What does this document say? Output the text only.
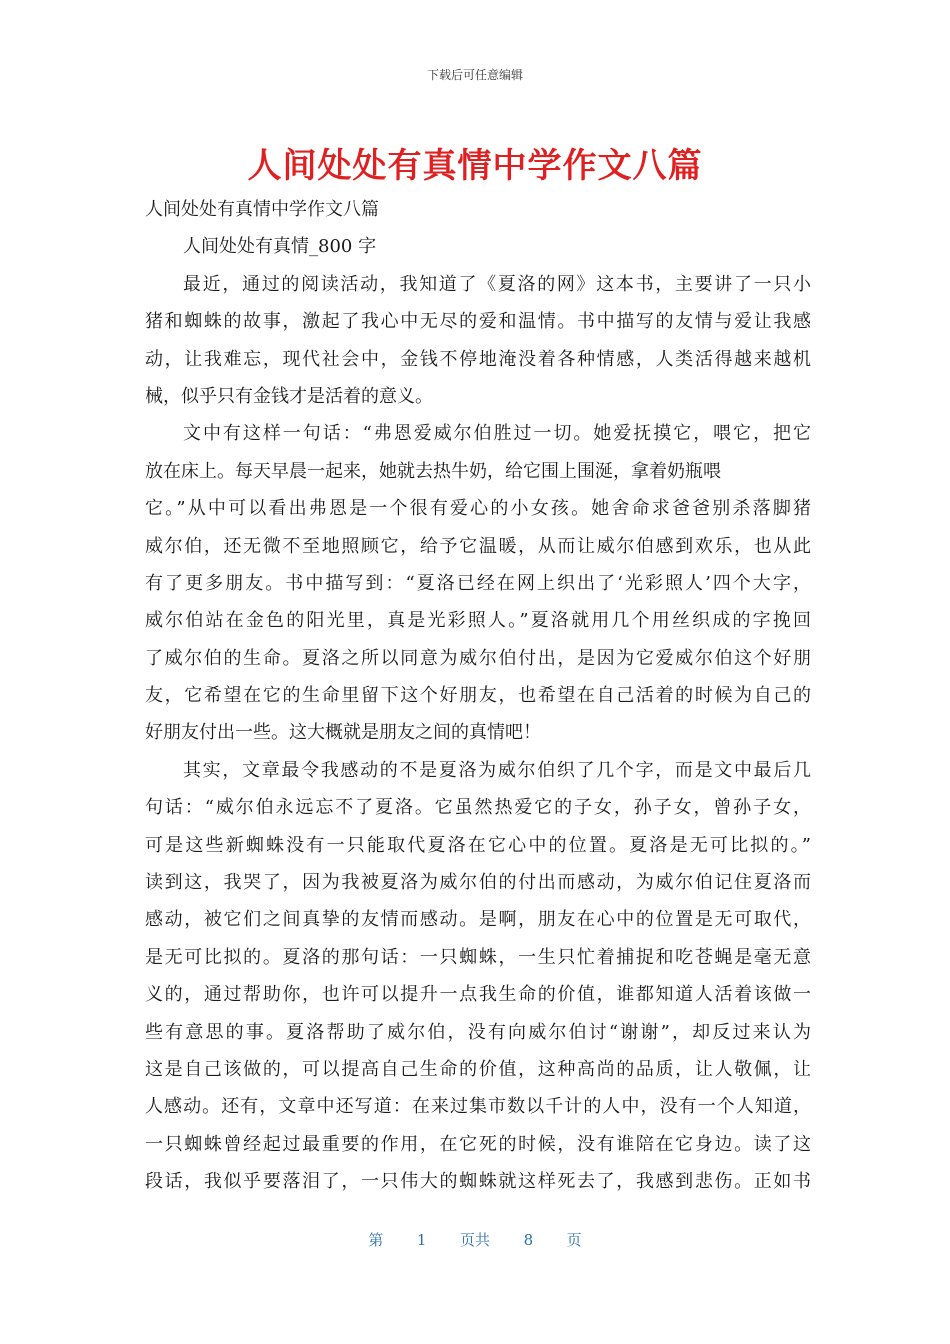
下载后可任意编辑
人间处处有真情中学作文八篇
人间处处有真情中学作文八篇
人间处处有真情_800 字
最近，通过的阅读活动，我知道了《夏洛的网》这本书，主要讲了一只小
猪和蜘蛛的故事，激起了我心中无尽的爱和温情。书中描写的友情与爱让我感
动，让我难忘，现代社会中，金钱不停地淹没着各种情感，人类活得越来越机
械，似乎只有金钱才是活着的意义。
文中有这样一句话：“弗恩爱威尔伯胜过一切。她爱抚摸它，喂它，把它
放在床上。每天早晨一起来，她就去热牛奶，给它围上围涎，拿着奶瓶喂
它。”从中可以看出弗恩是一个很有爱心的小女孩。她舍命求爸爸别杀落脚猪
威尔伯，还无微不至地照顾它，给予它温暖，从而让威尔伯感到欢乐，也从此
有了更多朋友。书中描写到：“夏洛已经在网上织出了‘光彩照人’四个大字，
威尔伯站在金色的阳光里，真是光彩照人。”夏洛就用几个用丝织成的字挽回
了威尔伯的生命。夏洛之所以同意为威尔伯付出，是因为它爱威尔伯这个好朋
友，它希望在它的生命里留下这个好朋友，也希望在自己活着的时候为自己的
好朋友付出一些。这大概就是朋友之间的真情吧！
其实，文章最令我感动的不是夏洛为威尔伯织了几个字，而是文中最后几
句话：“威尔伯永远忘不了夏洛。它虽然热爱它的子女，孙子女，曾孙子女，
可是这些新蜘蛛没有一只能取代夏洛在它心中的位置。夏洛是无可比拟的。”
读到这，我哭了，因为我被夏洛为威尔伯的付出而感动，为威尔伯记住夏洛而
感动，被它们之间真挚的友情而感动。是啊，朋友在心中的位置是无可取代，
是无可比拟的。夏洛的那句话：一只蜘蛛，一生只忙着捕捉和吃苍蝇是毫无意
义的，通过帮助你，也许可以提升一点我生命的价值，谁都知道人活着该做一
些有意思的事。夏洛帮助了威尔伯，没有向威尔伯讨“谢谢”，却反过来认为
这是自己该做的，可以提高自己生命的价值，这种高尚的品质，让人敬佩，让
人感动。还有，文章中还写道：在来过集市数以千计的人中，没有一个人知道，
一只蜘蛛曾经起过最重要的作用，在它死的时候，没有谁陪在它身边。读了这
段话，我似乎要落泪了，一只伟大的蜘蛛就这样死去了，我感到悲伤。正如书
第 1 页共 8 页
